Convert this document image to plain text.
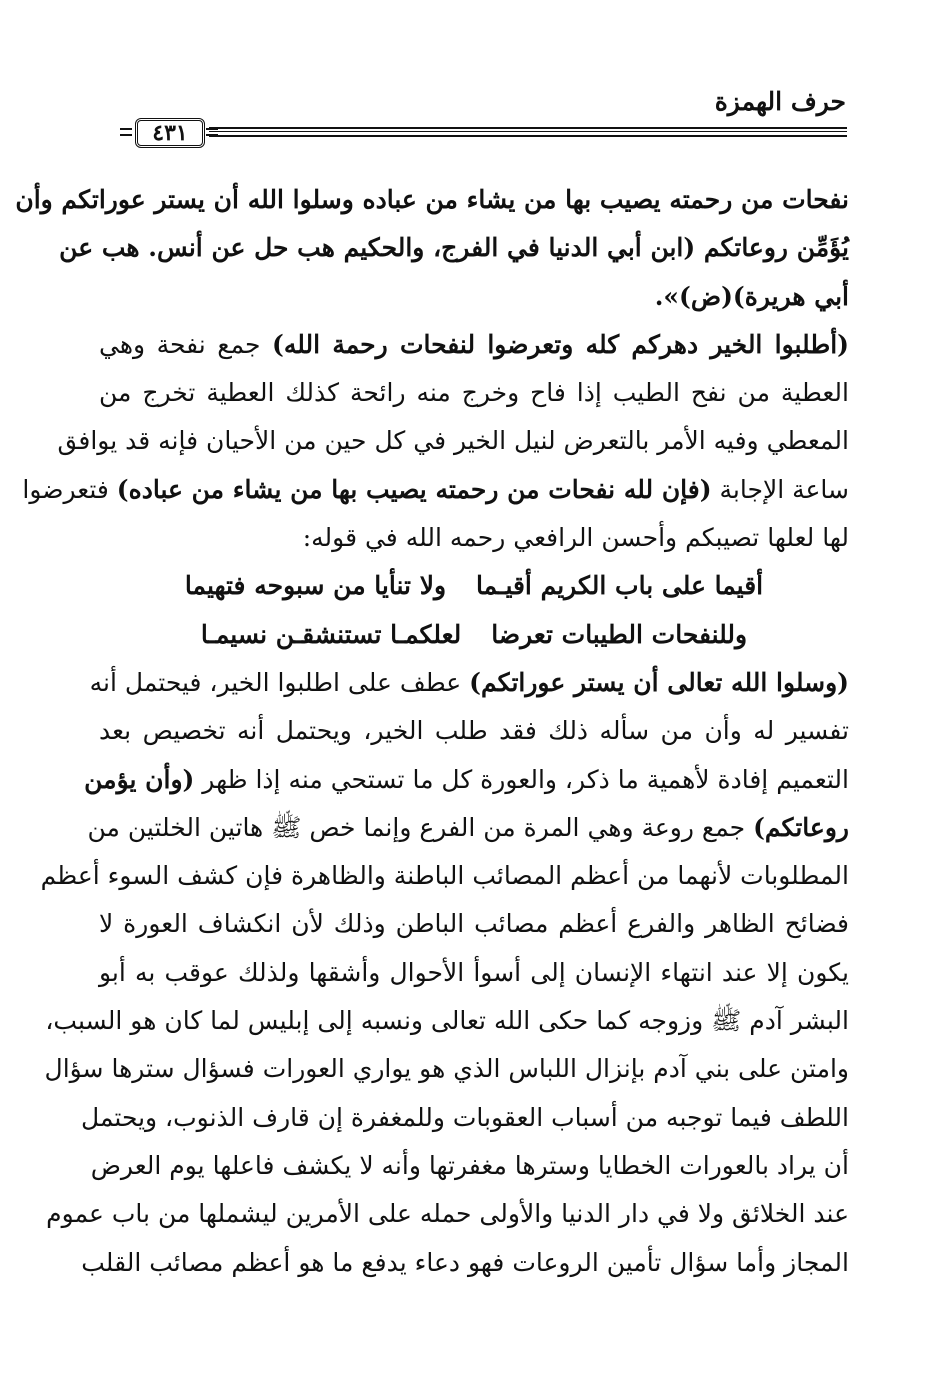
حرف الهمزة
٤٣١
نفحات من رحمته يصيب بها من يشاء من عباده وسلوا الله أن يستر عوراتكم وأن
يُؤَمِّن روعاتكم (ابن أبي الدنيا في الفرج، والحكيم هب حل عن أنس. هب عن
أبي هريرة)(ض)».
(أطلبوا الخير دهركم كله وتعرضوا لنفحات رحمة الله) جمع نفحة وهي
العطية من نفح الطيب إذا فاح وخرج منه رائحة كذلك العطية تخرج من
المعطي وفيه الأمر بالتعرض لنيل الخير في كل حين من الأحيان فإنه قد يوافق
ساعة الإجابة (فإن لله نفحات من رحمته يصيب بها من يشاء من عباده) فتعرضوا
لها لعلها تصيبكم وأحسن الرافعي رحمه الله في قوله:
أقيما على باب الكريم أقيـماولا تنأيا من سبوحه فتهيما
وللنفحات الطيبات تعرضالعلكمـا تستنشقـن نسيمـا
(وسلوا الله تعالى أن يستر عوراتكم) عطف على اطلبوا الخير، فيحتمل أنه
تفسير له وأن من سأله ذلك فقد طلب الخير، ويحتمل أنه تخصيص بعد
التعميم إفادة لأهمية ما ذكر، والعورة كل ما تستحي منه إذا ظهر (وأن يؤمن
روعاتكم) جمع روعة وهي المرة من الفرع وإنما خص ﷺ هاتين الخلتين من
المطلوبات لأنهما من أعظم المصائب الباطنة والظاهرة فإن كشف السوء أعظم
فضائح الظاهر والفرع أعظم مصائب الباطن وذلك لأن انكشاف العورة لا
يكون إلا عند انتهاء الإنسان إلى أسوأ الأحوال وأشقها ولذلك عوقب به أبو
البشر آدم ﷺ وزوجه كما حكى الله تعالى ونسبه إلى إبليس لما كان هو السبب،
وامتن على بني آدم بإنزال اللباس الذي هو يواري العورات فسؤال سترها سؤال
اللطف فيما توجبه من أسباب العقوبات وللمغفرة إن قارف الذنوب، ويحتمل
أن يراد بالعورات الخطايا وسترها مغفرتها وأنه لا يكشف فاعلها يوم العرض
عند الخلائق ولا في دار الدنيا والأولى حمله على الأمرين ليشملها من باب عموم
المجاز وأما سؤال تأمين الروعات فهو دعاء يدفع ما هو أعظم مصائب القلب
